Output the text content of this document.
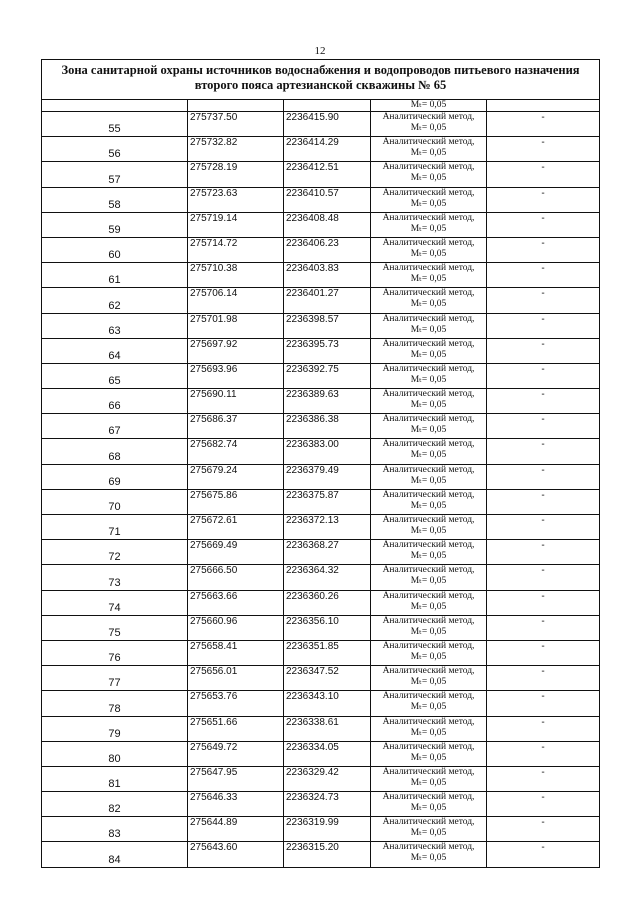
12
Зона санитарной охраны источников водоснабжения и водопроводов питьевого назначения
второго пояса артезианской скважины № 65				

			Mₜ= 0,05	
55	275737.50	2236415.90	Аналитический метод,
Mₜ= 0,05	-
56	275732.82	2236414.29	Аналитический метод,
Mₜ= 0,05	-
57	275728.19	2236412.51	Аналитический метод,
Mₜ= 0,05	-
58	275723.63	2236410.57	Аналитический метод,
Mₜ= 0,05	-
59	275719.14	2236408.48	Аналитический метод,
Mₜ= 0,05	-
60	275714.72	2236406.23	Аналитический метод,
Mₜ= 0,05	-
61	275710.38	2236403.83	Аналитический метод,
Mₜ= 0,05	-
62	275706.14	2236401.27	Аналитический метод,
Mₜ= 0,05	-
63	275701.98	2236398.57	Аналитический метод,
Mₜ= 0,05	-
64	275697.92	2236395.73	Аналитический метод,
Mₜ= 0,05	-
65	275693.96	2236392.75	Аналитический метод,
Mₜ= 0,05	-
66	275690.11	2236389.63	Аналитический метод,
Mₜ= 0,05	-
67	275686.37	2236386.38	Аналитический метод,
Mₜ= 0,05	-
68	275682.74	2236383.00	Аналитический метод,
Mₜ= 0,05	-
69	275679.24	2236379.49	Аналитический метод,
Mₜ= 0,05	-
70	275675.86	2236375.87	Аналитический метод,
Mₜ= 0,05	-
71	275672.61	2236372.13	Аналитический метод,
Mₜ= 0,05	-
72	275669.49	2236368.27	Аналитический метод,
Mₜ= 0,05	-
73	275666.50	2236364.32	Аналитический метод,
Mₜ= 0,05	-
74	275663.66	2236360.26	Аналитический метод,
Mₜ= 0,05	-
75	275660.96	2236356.10	Аналитический метод,
Mₜ= 0,05	-
76	275658.41	2236351.85	Аналитический метод,
Mₜ= 0,05	-
77	275656.01	2236347.52	Аналитический метод,
Mₜ= 0,05	-
78	275653.76	2236343.10	Аналитический метод,
Mₜ= 0,05	-
79	275651.66	2236338.61	Аналитический метод,
Mₜ= 0,05	-
80	275649.72	2236334.05	Аналитический метод,
Mₜ= 0,05	-
81	275647.95	2236329.42	Аналитический метод,
Mₜ= 0,05	-
82	275646.33	2236324.73	Аналитический метод,
Mₜ= 0,05	-
83	275644.89	2236319.99	Аналитический метод,
Mₜ= 0,05	-
84	275643.60	2236315.20	Аналитический метод,
Mₜ= 0,05	-
